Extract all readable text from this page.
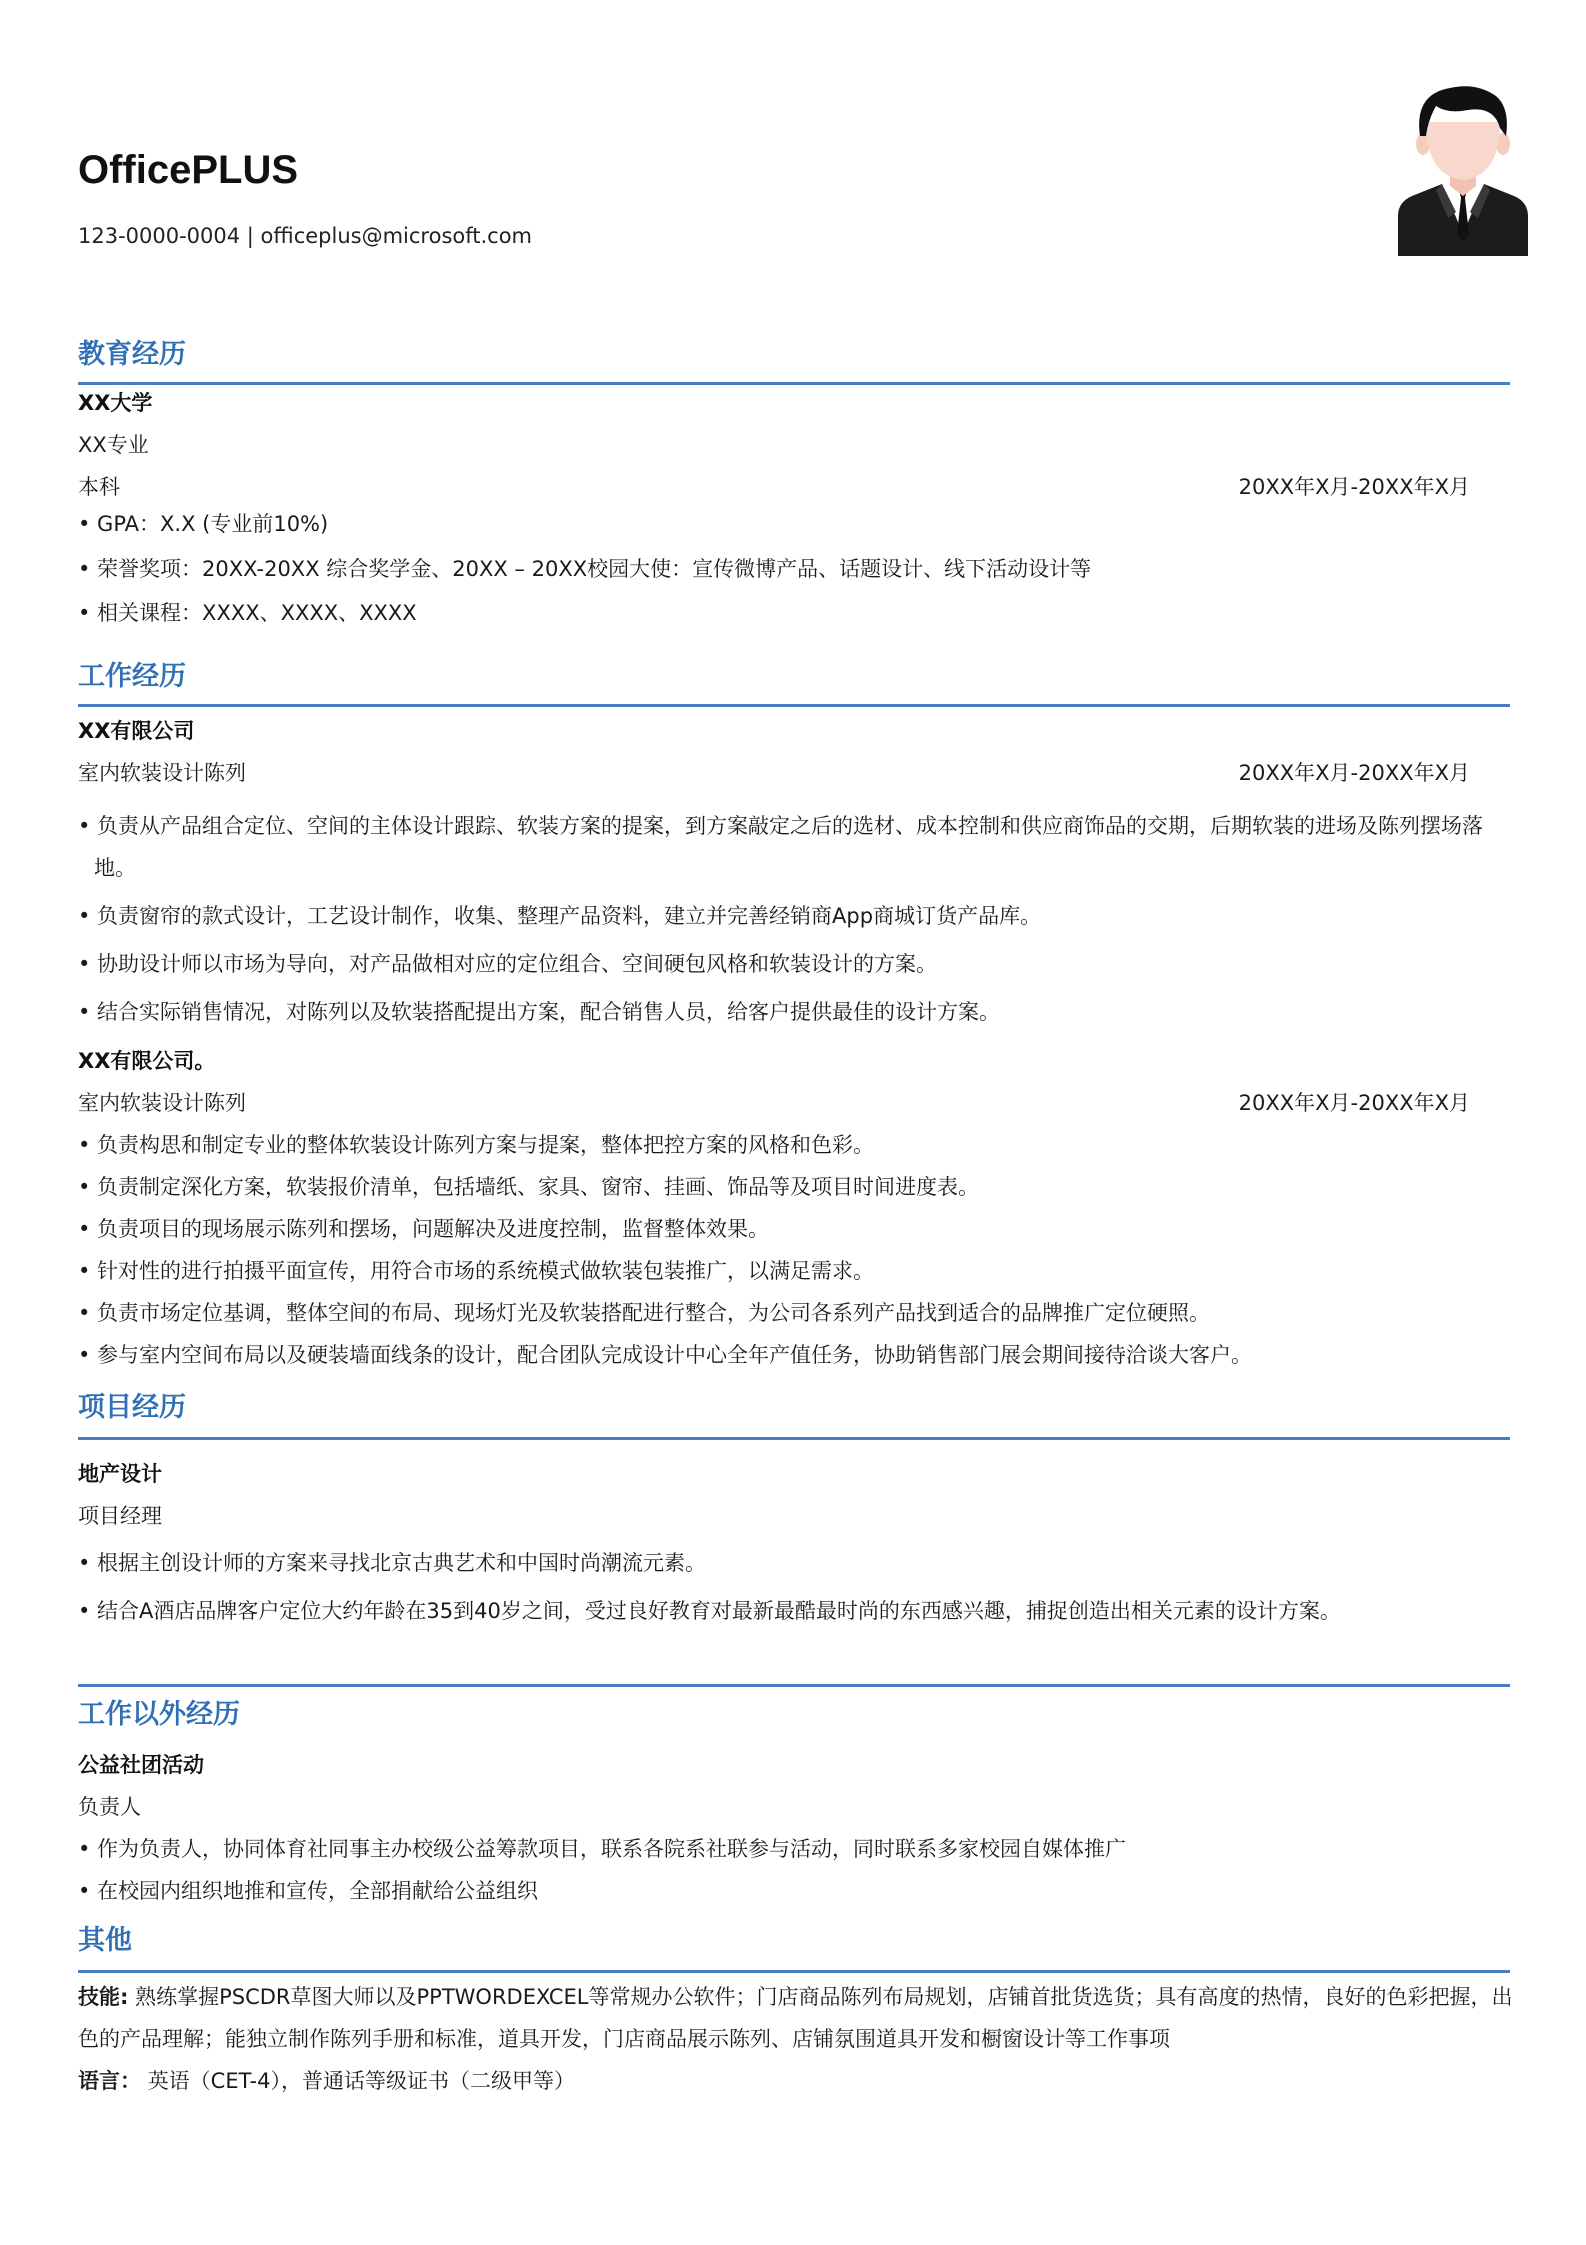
OfficePLUS
123-0000-0004 | officeplus@microsoft.com
教育经历
XX大学
XX专业
本科	20XX年X月-20XX年X月
• GPA：X.X (专业前10%)
• 荣誉奖项：20XX-20XX 综合奖学金、20XX – 20XX校园大使：宣传微博产品、话题设计、线下活动设计等
• 相关课程：XXXX、XXXX、XXXX
工作经历
XX有限公司
室内软装设计陈列	20XX年X月-20XX年X月
• 负责从产品组合定位、空间的主体设计跟踪、软装方案的提案，到方案敲定之后的选材、成本控制和供应商饰品的交期，后期软装的进场及陈列摆场落地。
• 负责窗帘的款式设计，工艺设计制作，收集、整理产品资料，建立并完善经销商App商城订货产品库。
• 协助设计师以市场为导向，对产品做相对应的定位组合、空间硬包风格和软装设计的方案。
• 结合实际销售情况，对陈列以及软装搭配提出方案，配合销售人员，给客户提供最佳的设计方案。
XX有限公司。
室内软装设计陈列	20XX年X月-20XX年X月
• 负责构思和制定专业的整体软装设计陈列方案与提案，整体把控方案的风格和色彩。
• 负责制定深化方案，软装报价清单，包括墙纸、家具、窗帘、挂画、饰品等及项目时间进度表。
• 负责项目的现场展示陈列和摆场，问题解决及进度控制，监督整体效果。
• 针对性的进行拍摄平面宣传，用符合市场的系统模式做软装包装推广，以满足需求。
• 负责市场定位基调，整体空间的布局、现场灯光及软装搭配进行整合，为公司各系列产品找到适合的品牌推广定位硬照。
• 参与室内空间布局以及硬装墙面线条的设计，配合团队完成设计中心全年产值任务，协助销售部门展会期间接待洽谈大客户。
项目经历
地产设计
项目经理
• 根据主创设计师的方案来寻找北京古典艺术和中国时尚潮流元素。
• 结合A酒店品牌客户定位大约年龄在35到40岁之间，受过良好教育对最新最酷最时尚的东西感兴趣，捕捉创造出相关元素的设计方案。
工作以外经历
公益社团活动
负责人
• 作为负责人，协同体育社同事主办校级公益筹款项目，联系各院系社联参与活动，同时联系多家校园自媒体推广
• 在校园内组织地推和宣传，全部捐献给公益组织
其他
技能: 熟练掌握PSCDR草图大师以及PPTWORDEXCEL等常规办公软件；门店商品陈列布局规划，店铺首批货选货；具有高度的热情，良好的色彩把握，出色的产品理解；能独立制作陈列手册和标准，道具开发，门店商品展示陈列、店铺氛围道具开发和橱窗设计等工作事项
语言： 英语（CET-4），普通话等级证书（二级甲等）
